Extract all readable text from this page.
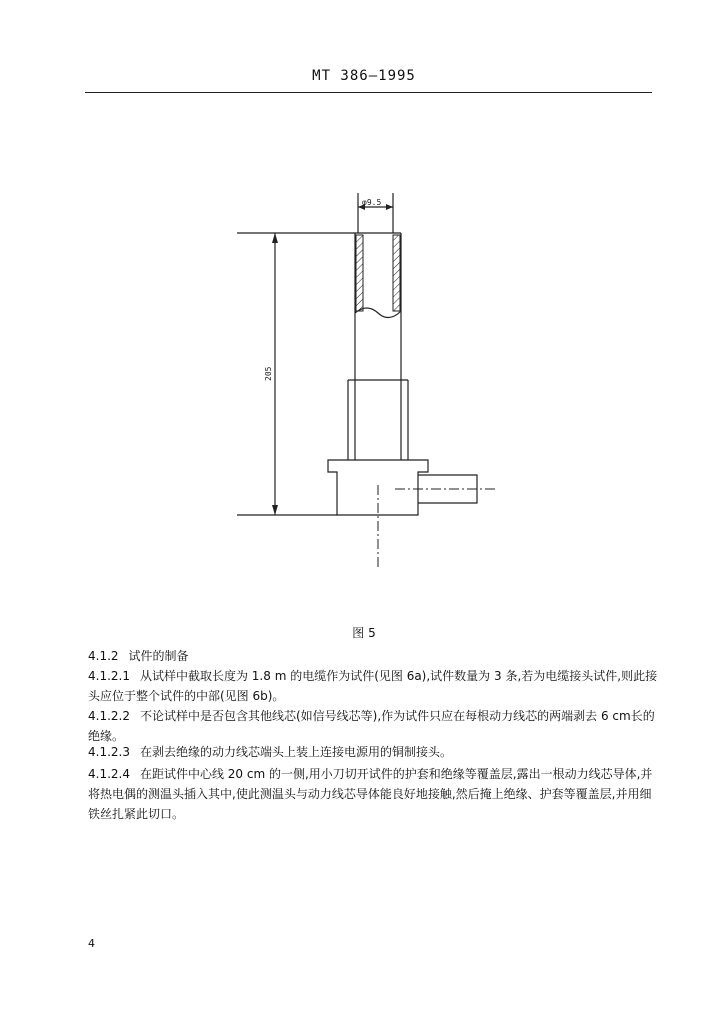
MT 386—1995
φ9.5
205
图 5
4.1.2 试件的制备
4.1.2.1 从试样中截取长度为 1.8 m 的电缆作为试件(见图 6a),试件数量为 3 条,若为电缆接头试件,则此接头应位于整个试件的中部(见图 6b)。
4.1.2.2 不论试样中是否包含其他线芯(如信号线芯等),作为试件只应在每根动力线芯的两端剥去 6 cm长的绝缘。
4.1.2.3 在剥去绝缘的动力线芯端头上装上连接电源用的铜制接头。
4.1.2.4 在距试件中心线 20 cm 的一侧,用小刀切开试件的护套和绝缘等覆盖层,露出一根动力线芯导体,并将热电偶的测温头插入其中,使此测温头与动力线芯导体能良好地接触,然后掩上绝缘、护套等覆盖层,并用细铁丝扎紧此切口。
4
